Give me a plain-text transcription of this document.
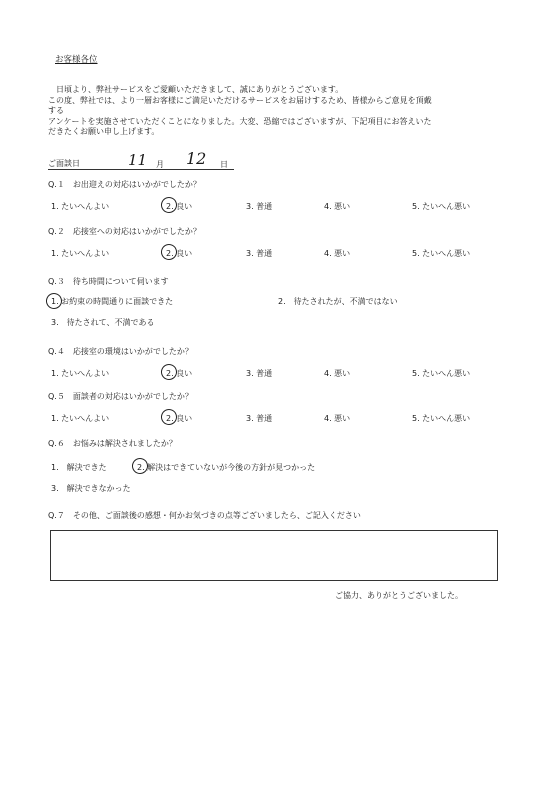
お客様各位
　日頃より、弊社サービスをご愛顧いただきまして、誠にありがとうございます。
この度、弊社では、より一層お客様にご満足いただけるサービスをお届けするため、皆様からご意見を頂戴
する
アンケートを実施させていただくことになりました。大変、恐縮ではございますが、下記項目にお答えいた
だきたくお願い申し上げます。
ご面談日	11 月 12 日
Q.１　お出迎えの対応はいかがでしたか？
1. たいへんよい	2. 良い	3. 普通	4. 悪い	5. たいへん悪い
Q.２　応接室への対応はいかがでしたか？
1. たいへんよい	2. 良い	3. 普通	4. 悪い	5. たいへん悪い
Q.３　待ち時間について伺います
1. お約束の時間通りに面談できた	2.　待たされたが、不満ではない
3.　待たされて、不満である
Q.４　応接室の環境はいかがでしたか？
1. たいへんよい	2. 良い	3. 普通	4. 悪い	5. たいへん悪い
Q.５　面談者の対応はいかがでしたか？
1. たいへんよい	2. 良い	3. 普通	4. 悪い	5. たいへん悪い
Q.６　お悩みは解決されましたか？
1.　解決できた	2. 解決はできていないが今後の方針が見つかった
3.　解決できなかった
Q.７　その他、ご面談後の感想・何かお気づきの点等ございましたら、ご記入ください
ご協力、ありがとうございました。
